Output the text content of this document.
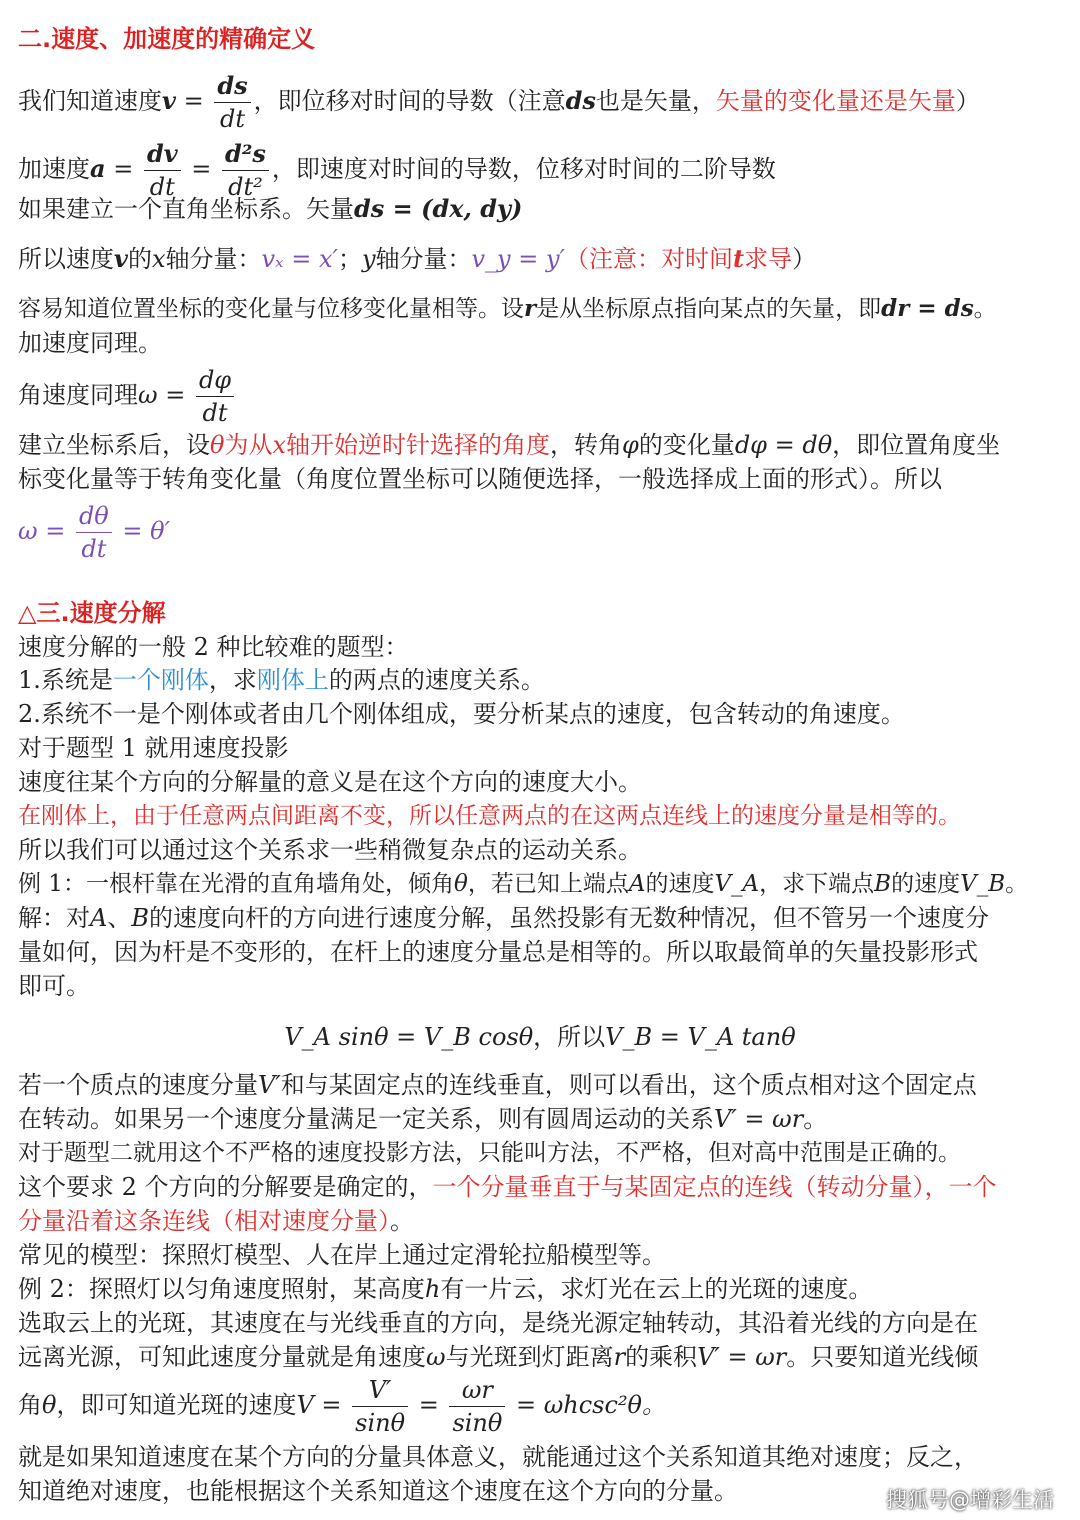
二.速度、加速度的精确定义
我们知道速度$v = \frac{ds}{dt}$ ，即位移对时间的导数（注意ds也是矢量，矢量的变化量还是矢量）
加速度$a = \frac{dv}{dt} = \frac{\text{d²s}}{\text{dt²}}$ ，即速度对时间的导数，位移对时间的二阶导数
如果建立一个直角坐标系。矢量ds = (dx, dy)
所以速度v的x轴分量：vₓ = x′；y轴分量：v_y = y′（注意：对时间t求导）
容易知道位置坐标的变化量与位移变化量相等。设r是从坐标原点指向某点的矢量，即dr = ds。
加速度同理。
角速度同理$\omega = \frac{d\varphi}{dt}$
建立坐标系后，设θ为从x轴开始逆时针选择的角度，转角φ的变化量dφ = dθ，即位置角度坐
标变化量等于转角变化量（角度位置坐标可以随便选择，一般选择成上面的形式）。所以
$\omega = \frac{d\theta}{dt} = \theta'$
△三.速度分解
速度分解的一般 2 种比较难的题型：
1.系统是一个刚体，求刚体上的两点的速度关系。
2.系统不一是个刚体或者由几个刚体组成，要分析某点的速度，包含转动的角速度。
对于题型 1 就用速度投影
速度往某个方向的分解量的意义是在这个方向的速度大小。
在刚体上，由于任意两点间距离不变，所以任意两点的在这两点连线上的速度分量是相等的。
所以我们可以通过这个关系求一些稍微复杂点的运动关系。
例 1：一根杆靠在光滑的直角墙角处，倾角θ，若已知上端点A的速度V_A，求下端点B的速度V_B。
解：对A、B的速度向杆的方向进行速度分解，虽然投影有无数种情况，但不管另一个速度分
量如何，因为杆是不变形的，在杆上的速度分量总是相等的。所以取最简单的矢量投影形式
即可。
V_A sinθ = V_B cosθ，所以V_B = V_A tanθ
若一个质点的速度分量V′和与某固定点的连线垂直，则可以看出，这个质点相对这个固定点
在转动。如果另一个速度分量满足一定关系，则有圆周运动的关系V′ = ωr。
对于题型二就用这个不严格的速度投影方法，只能叫方法，不严格，但对高中范围是正确的。
这个要求 2 个方向的分解要是确定的，一个分量垂直于与某固定点的连线（转动分量），一个
分量沿着这条连线（相对速度分量）。
常见的模型：探照灯模型、人在岸上通过定滑轮拉船模型等。
例 2：探照灯以匀角速度照射，某高度h有一片云，求灯光在云上的光斑的速度。
选取云上的光斑，其速度在与光线垂直的方向，是绕光源定轴转动，其沿着光线的方向是在
远离光源，可知此速度分量就是角速度ω与光斑到灯距离r的乘积V′ = ωr。只要知道光线倾
角θ，即可知道光斑的速度$V = \frac{V'}{\sin\theta} = \frac{\omega r}{\sin\theta} = \omega hcsc^2\theta$。
就是如果知道速度在某个方向的分量具体意义，就能通过这个关系知道其绝对速度；反之，
知道绝对速度，也能根据这个关系知道这个速度在这个方向的分量。	搜狐号@增彩生活
